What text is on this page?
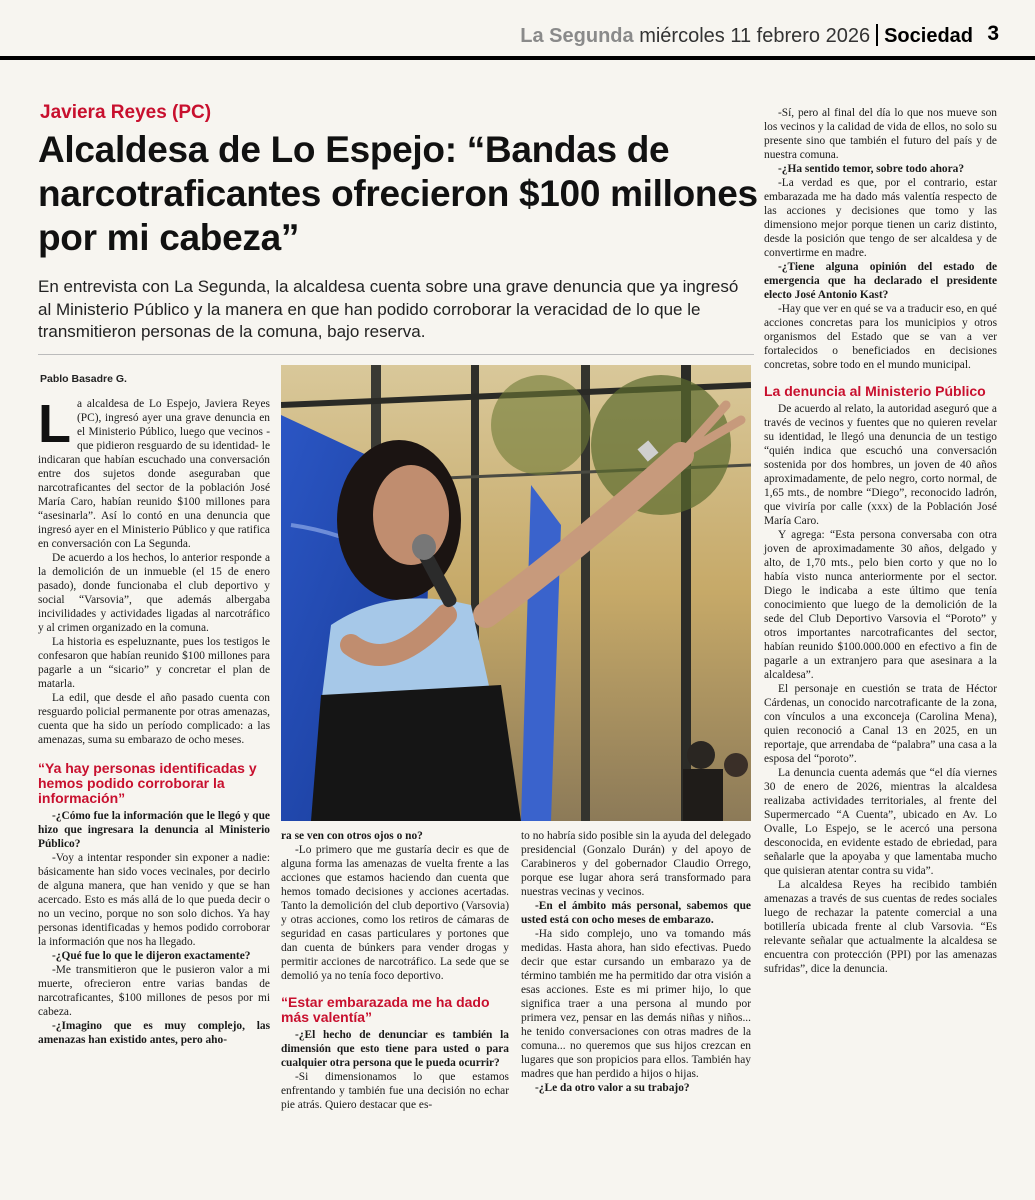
La Segunda miércoles 11 febrero 2026 Sociedad 3
Javiera Reyes (PC)
Alcaldesa de Lo Espejo: “Bandas de narcotraficantes ofrecieron $100 millones por mi cabeza”

En entrevista con La Segunda, la alcaldesa cuenta sobre una grave denuncia que ya ingresó al Ministerio Público y la manera en que han podido corroborar la veracidad de lo que le transmitieron personas de la comuna, bajo reserva.

Pablo Basadre G.
L a alcaldesa de Lo Espejo, Javiera Reyes (PC), ingresó ayer una grave denuncia en el Ministerio Público, luego que vecinos -que pidieron resguardo de su identidad- le indicaran que habían escuchado una conversación entre dos sujetos donde aseguraban que narcotraficantes del sector de la población José María Caro, habían reunido $100 millones para “asesinarla”. Así lo contó en una denuncia que ingresó ayer en el Ministerio Público y que ratifica en conversación con La Segunda.

De acuerdo a los hechos, lo anterior responde a la demolición de un inmueble (el 15 de enero pasado), donde funcionaba el club deportivo y social “Varsovia”, que además albergaba incivilidades y actividades ligadas al narcotráfico y al crimen organizado en la comuna.

La historia es espeluznante, pues los testigos le confesaron que habían reunido $100 millones para pagarle a un “sicario” y concretar el plan de matarla.

La edil, que desde el año pasado cuenta con resguardo policial permanente por otras amenazas, cuenta que ha sido un período complicado: a las amenazas, suma su embarazo de ocho meses.

“Ya hay personas identificadas y hemos podido corroborar la información”

-¿Cómo fue la información que le llegó y que hizo que ingresara la denuncia al Ministerio Público?

-Voy a intentar responder sin exponer a nadie: básicamente han sido voces vecinales, por decirlo de alguna manera, que han venido y que se han acercado. Esto es más allá de lo que pueda decir o no un vecino, porque no son solo dichos. Ya hay personas identificadas y hemos podido corroborar la información que nos ha llegado.

-¿Qué fue lo que le dijeron exactamente?

-Me transmitieron que le pusieron valor a mi muerte, ofrecieron entre varias bandas de narcotraficantes, $100 millones de pesos por mi cabeza.

-¿Imagino que es muy complejo, las amenazas han existido antes, pero aho-

ra se ven con otros ojos o no?

-Lo primero que me gustaría decir es que de alguna forma las amenazas de vuelta frente a las acciones que estamos haciendo dan cuenta que hemos tomado decisiones y acciones acertadas. Tanto la demolición del club deportivo (Varsovia) y otras acciones, como los retiros de cámaras de seguridad en casas particulares y portones que dan cuenta de búnkers para vender drogas y permitir acciones de narcotráfico. La sede que se demolió ya no tenía foco deportivo.

“Estar embarazada me ha dado más valentía”

-¿El hecho de denunciar es también la dimensión que esto tiene para usted o para cualquier otra persona que le pueda ocurrir?

-Si dimensionamos lo que estamos enfrentando y también fue una decisión no echar pie atrás. Quiero destacar que es-

to no habría sido posible sin la ayuda del delegado presidencial (Gonzalo Durán) y del apoyo de Carabineros y del gobernador Claudio Orrego, porque ese lugar ahora será transformado para nuestras vecinas y vecinos.

-En el ámbito más personal, sabemos que usted está con ocho meses de embarazo.

-Ha sido complejo, uno va tomando más medidas. Hasta ahora, han sido efectivas. Puedo decir que estar cursando un embarazo ya de término también me ha permitido dar otra visión a esas acciones. Este es mi primer hijo, lo que significa traer a una persona al mundo por primera vez, pensar en las demás niñas y niños... he tenido conversaciones con otras madres de la comuna... no queremos que sus hijos crezcan en lugares que son propicios para ellos. También hay madres que han perdido a hijos o hijas.

-¿Le da otro valor a su trabajo?

-Sí, pero al final del día lo que nos mueve son los vecinos y la calidad de vida de ellos, no solo su presente sino que también el futuro del país y de nuestra comuna.

-¿Ha sentido temor, sobre todo ahora?

-La verdad es que, por el contrario, estar embarazada me ha dado más valentía respecto de las acciones y decisiones que tomo y las dimensiono mejor porque tienen un cariz distinto, desde la posición que tengo de ser alcaldesa y de convertirme en madre.

-¿Tiene alguna opinión del estado de emergencia que ha declarado el presidente electo José Antonio Kast?

-Hay que ver en qué se va a traducir eso, en qué acciones concretas para los municipios y otros organismos del Estado que se van a ver fortalecidos o beneficiados en decisiones concretas, sobre todo en el mundo municipal.

La denuncia al Ministerio Público

De acuerdo al relato, la autoridad aseguró que a través de vecinos y fuentes que no quieren revelar su identidad, le llegó una denuncia de un testigo “quién indica que escuchó una conversación sostenida por dos hombres, un joven de 40 años aproximadamente, de pelo negro, corto normal, de 1,65 mts., de nombre “Diego”, reconocido ladrón, que viviría por calle (xxx) de la Población José María Caro.

Y agrega: “Esta persona conversaba con otra joven de aproximadamente 30 años, delgado y alto, de 1,70 mts., pelo bien corto y que no lo había visto nunca anteriormente por el sector. Diego le indicaba a este último que tenía conocimiento que luego de la demolición de la sede del Club Deportivo Varsovia el “Poroto” y otros importantes narcotraficantes del sector, habían reunido $100.000.000 en efectivo a fin de pagarle a un extranjero para que asesinara a la alcaldesa”.

El personaje en cuestión se trata de Héctor Cárdenas, un conocido narcotraficante de la zona, con vínculos a una exconceja (Carolina Mena), quien reconoció a Canal 13 en 2025, en un reportaje, que arrendaba de “palabra” una casa a la esposa del “poroto”.

La denuncia cuenta además que “el día viernes 30 de enero de 2026, mientras la alcaldesa realizaba actividades territoriales, al frente del Supermercado “A Cuenta”, ubicado en Av. Lo Ovalle, Lo Espejo, se le acercó una persona desconocida, en evidente estado de ebriedad, para señalarle que la apoyaba y que lamentaba mucho que quisieran atentar contra su vida”.

La alcaldesa Reyes ha recibido también amenazas a través de sus cuentas de redes sociales luego de rechazar la patente comercial a una botillería ubicada frente al club Varsovia. “Es relevante señalar que actualmente la alcaldesa se encuentra con protección (PPI) por las amenazas sufridas”, dice la denuncia.
